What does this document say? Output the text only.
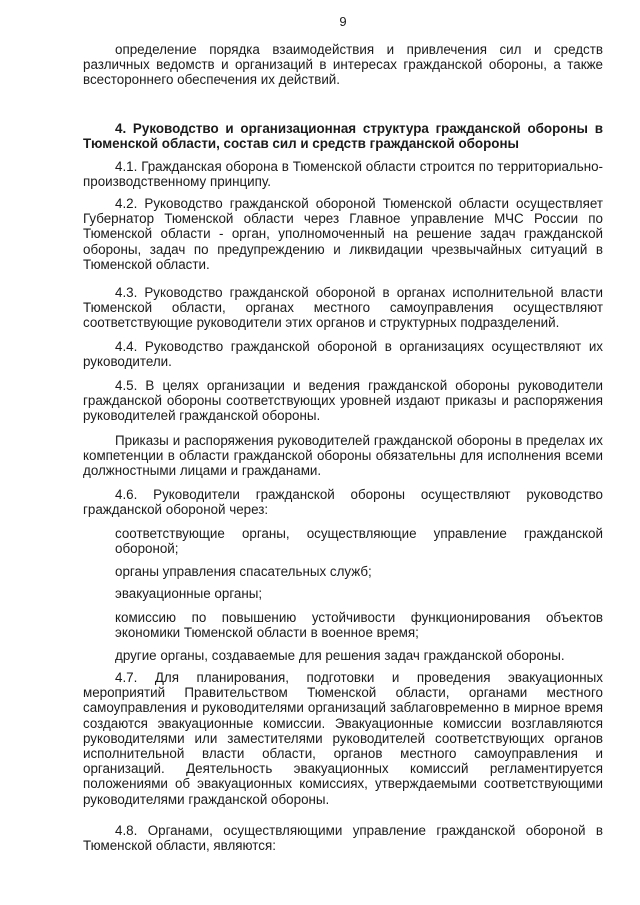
9
определение порядка взаимодействия и привлечения сил и средств различных ведомств и организаций в интересах гражданской обороны, а также всестороннего обеспечения их действий.
4. Руководство и организационная структура гражданской обороны в Тюменской области, состав сил и средств гражданской обороны
4.1. Гражданская оборона в Тюменской области строится по территориально-производственному принципу.
4.2. Руководство гражданской обороной Тюменской области осуществляет Губернатор Тюменской области через Главное управление МЧС России по Тюменской области - орган, уполномоченный на решение задач гражданской обороны, задач по предупреждению и ликвидации чрезвычайных ситуаций в Тюменской области.
4.3. Руководство гражданской обороной в органах исполнительной власти Тюменской области, органах местного самоуправления осуществляют соответствующие руководители этих органов и структурных подразделений.
4.4. Руководство гражданской обороной в организациях осуществляют их руководители.
4.5. В целях организации и ведения гражданской обороны руководители гражданской обороны соответствующих уровней издают приказы и распоряжения руководителей гражданской обороны.
Приказы и распоряжения руководителей гражданской обороны в пределах их компетенции в области гражданской обороны обязательны для исполнения всеми должностными лицами и гражданами.
4.6. Руководители гражданской обороны осуществляют руководство гражданской обороной через:
соответствующие органы, осуществляющие управление гражданской обороной;
органы управления спасательных служб;
эвакуационные органы;
комиссию по повышению устойчивости функционирования объектов экономики Тюменской области в военное время;
другие органы, создаваемые для решения задач гражданской обороны.
4.7. Для планирования, подготовки и проведения эвакуационных мероприятий Правительством Тюменской области, органами местного самоуправления и руководителями организаций заблаговременно в мирное время создаются эвакуационные комиссии. Эвакуационные комиссии возглавляются руководителями или заместителями руководителей соответствующих органов исполнительной власти области, органов местного самоуправления и организаций. Деятельность эвакуационных комиссий регламентируется положениями об эвакуационных комиссиях, утверждаемыми соответствующими руководителями гражданской обороны.
4.8. Органами, осуществляющими управление гражданской обороной в Тюменской области, являются:
